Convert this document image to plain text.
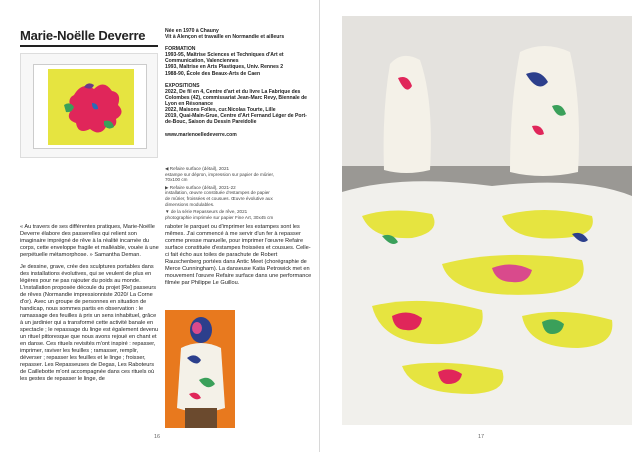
Marie-Noëlle Deverre	Née en 1970 à Chauny
Vit à Alençon et travaille en Normandie et ailleurs
FORMATION
1993-95, Maîtrise Sciences et Techniques d'Art et Communication, Valenciennes
1993, Maîtrise en Arts Plastiques, Univ. Rennes 2
1988-90, École des Beaux-Arts de Caen
EXPOSITIONS
2022, De fil en 4, Centre d'art et du livre La Fabrique des Colombes (42), commissariat Jean-Marc Revy, Biennale de Lyon en Résonance
2022, Maisons Folles, cur.Nicolas Tourte, Lille
2019, Quai-Main-Grue, Centre d'Art Fernand Léger de Port-de-Bouc, Saison du Dessin Pareidolie
www.marienoelledeverre.com
◀ Refaire surface (détail), 2021
estampe sur dépron, impression sur papier de mûrier,
70x100 cm
▶ Refaire surface (détail), 2021-22
installation, œuvre constituée d'estampes de papier
de mûrier, froissées et cousues. Œuvre évolutive aux
dimensions modulables.
▼ de la série Repasseurs de rêve, 2021
photographie imprimée sur papier Fine Art, 30x45 cm

« Au travers de ses différentes pratiques, Marie-Noëlle Deverre élabore des passerelles qui relient son imaginaire imprégné de rêve à la réalité incarnée du corps, cette enveloppe fragile et malléable, vouée à une perpétuelle métamorphose. » Samantha Deman.

Je dessine, grave, crée des sculptures portables dans des installations évolutives, qui se veulent de plus en légères pour ne pas rajouter du poids au monde. L'installation proposée découle du projet [Re] passeurs de rêves (Normandie impressionniste 2020/ La Corne d'or). Avec un groupe de personnes en situation de handicap, nous sommes partis en observation : le ramassage des feuilles à prix un sens inhabituel, grâce à un jardinier qui a transformé cette activité banale en spectacle ; le repassage du linge est également devenu un rituel pittoresque que nous avons rejoué en chant et en danse. Ces rituels revisités m'ont inspiré : repasser, imprimer, raviver les feuilles ; ramasser, remplir, déverser ; repasser les feuilles et le linge ; froisser, repasser. Les Repasseuses de Degas, Les Raboteurs de Caillebotte m'ont accompagnée dans ces rituels où les gestes de repasser le linge, de

raboter le parquet ou d'imprimer les estampes sont les mêmes. J'ai commencé à me servir d'un fer à repasser comme presse manuelle, pour imprimer l'œuvre Refaire surface constituée d'estampes froissées et cousues. Celle-ci fait écho aux toiles de parachute de Robert Rauschenberg portées dans Antic Meet (chorégraphie de Merce Cunningham). La danseuse Katia Petrowick met en mouvement l'œuvre Refaire surface dans une performance filmée par Philippe Le Guillou.
16	17
